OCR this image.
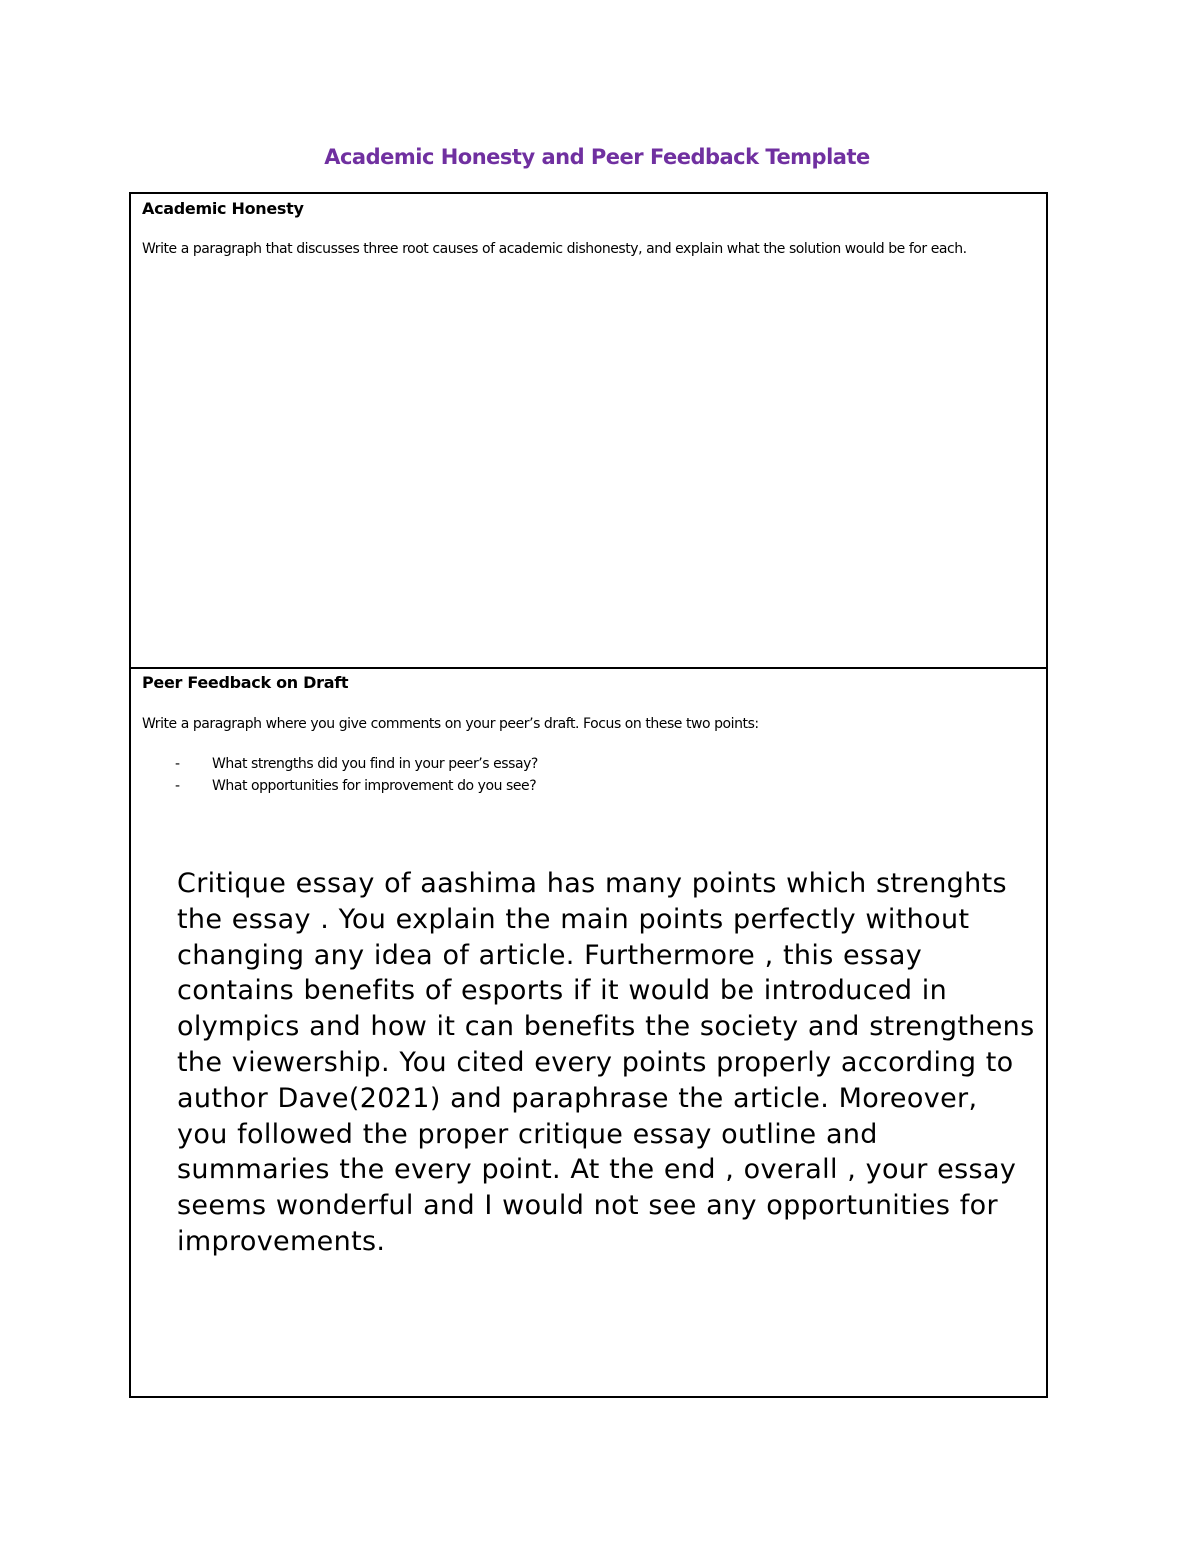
Academic Honesty and Peer Feedback Template
Academic Honesty
Write a paragraph that discusses three root causes of academic dishonesty, and explain what the solution would be for each.
Peer Feedback on Draft
Write a paragraph where you give comments on your peer’s draft. Focus on these two points:
- What strengths did you find in your peer’s essay?
- What opportunities for improvement do you see?

Critique essay of aashima has many points which strenghts the essay . You explain the main points perfectly without changing any idea of article. Furthermore , this essay contains benefits of esports if it would be introduced in olympics and how it can benefits the society and strengthens the viewership. You cited every points properly according to author Dave(2021) and paraphrase the article. Moreover, you followed the proper critique essay outline and summaries the every point. At the end , overall , your essay seems wonderful and I would not see any opportunities for improvements.
